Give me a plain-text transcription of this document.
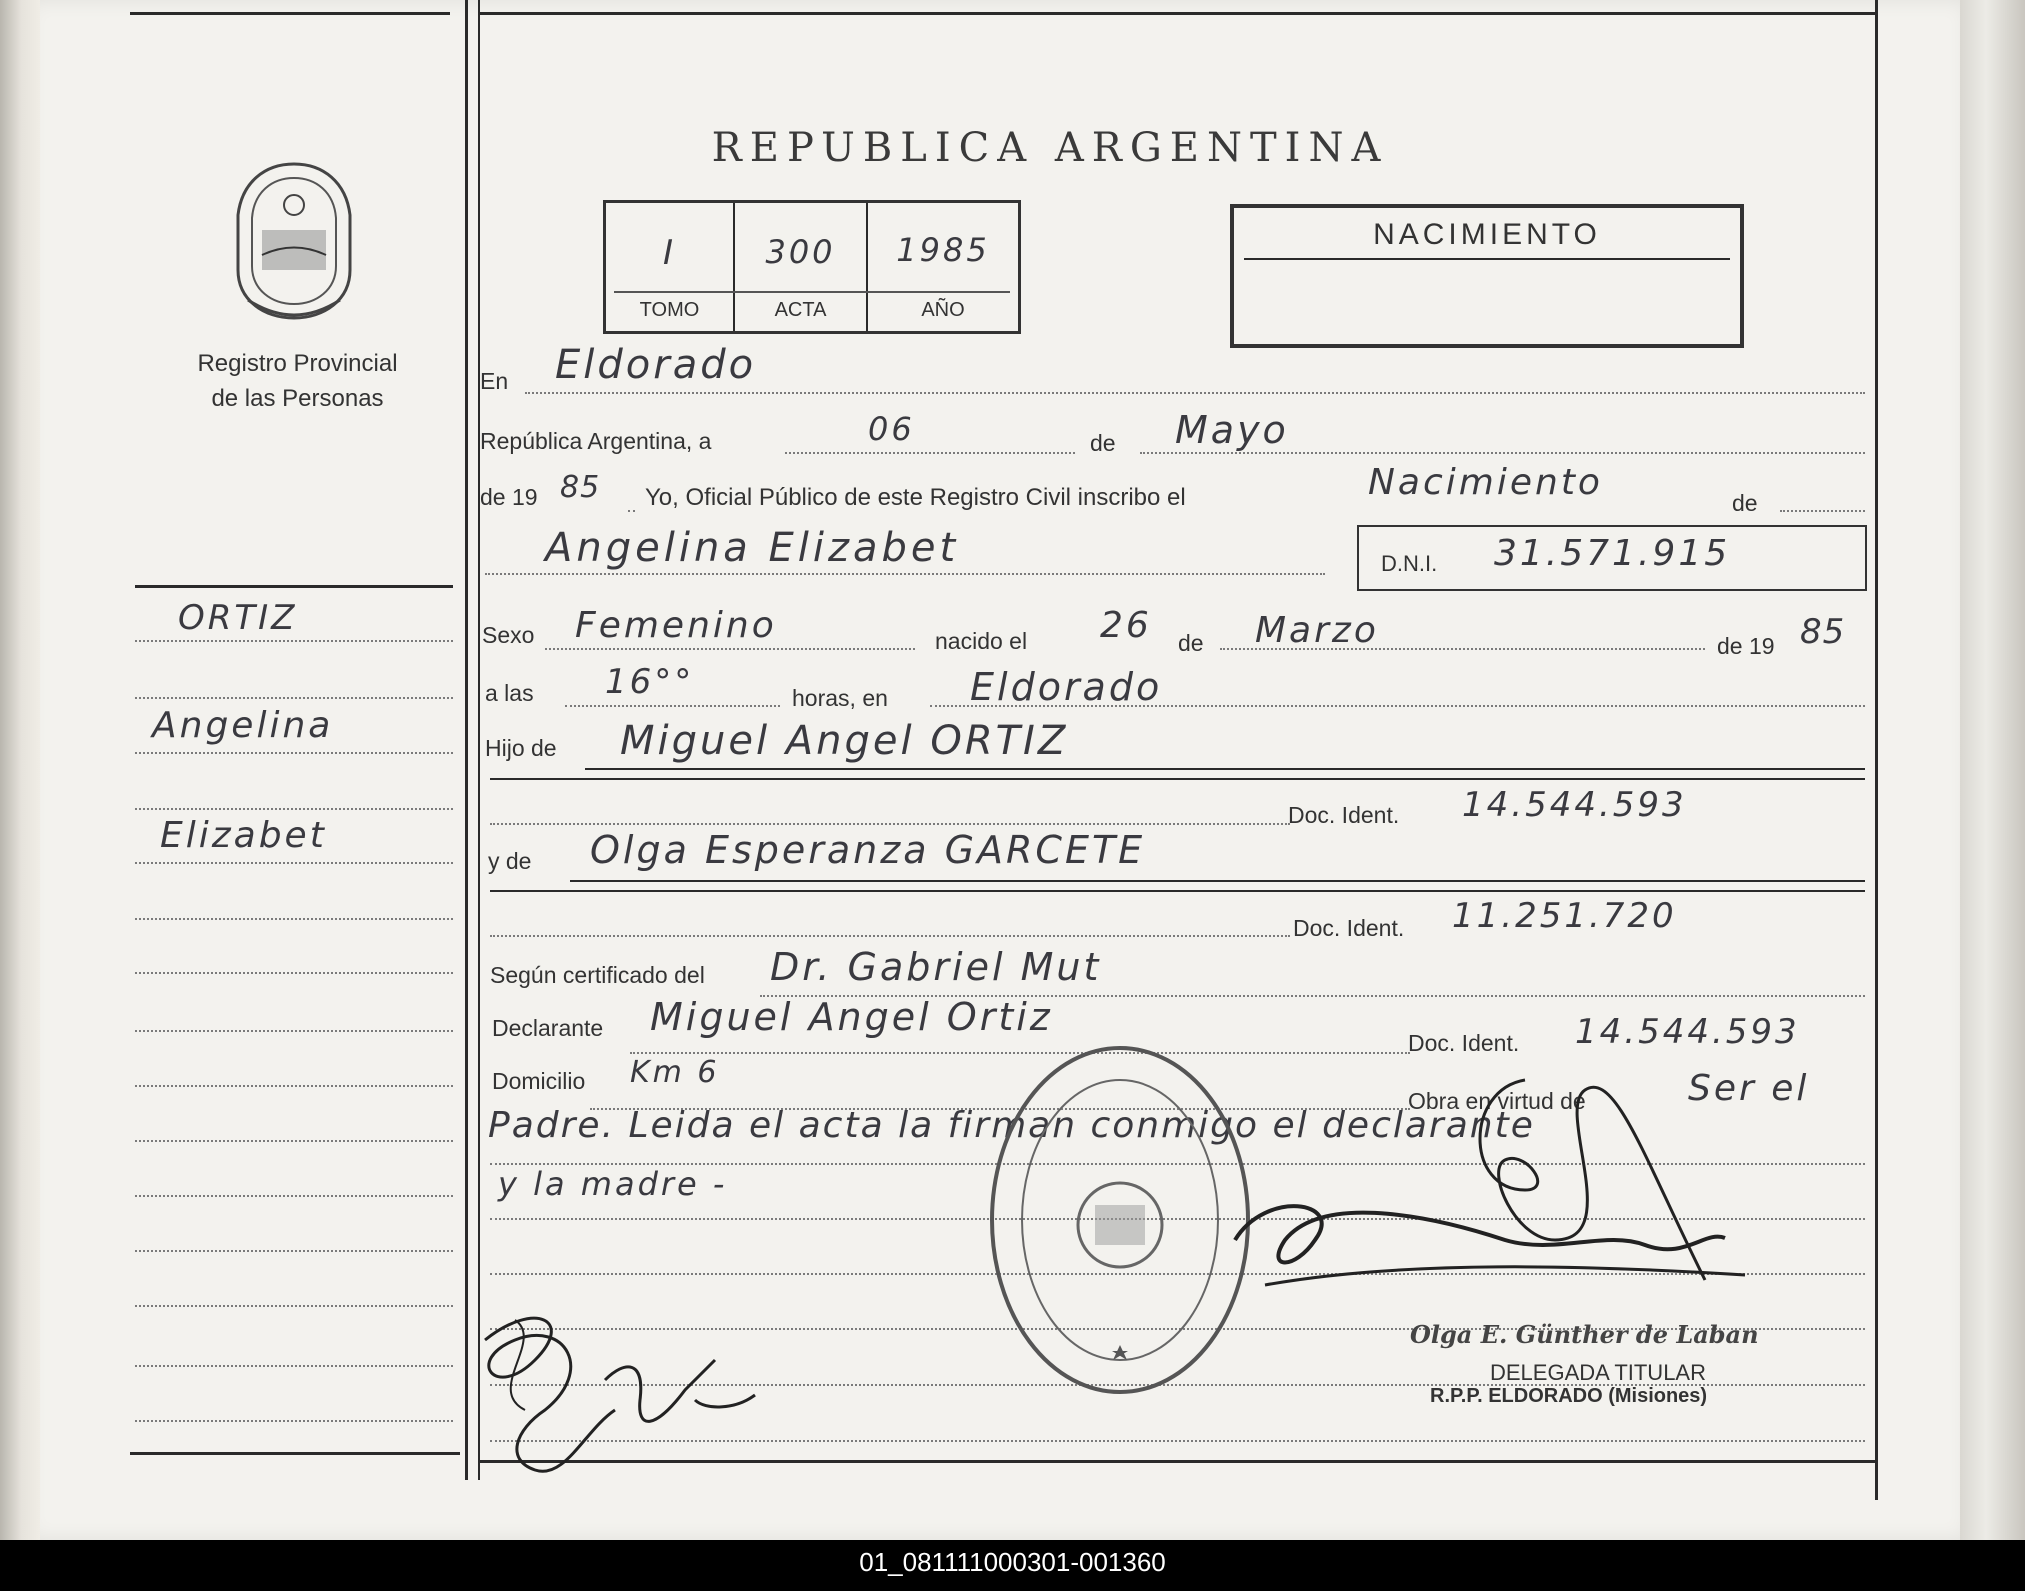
Registro Provincial
de las Personas
ORTIZ
Angelina
Elizabet
REPUBLICA ARGENTINA
I	300	1985
TOMO	ACTA	AÑO
NACIMIENTO
En Eldorado
República Argentina, a	06	de Mayo
de 19 85 Yo, Oficial Público de este Registro Civil inscribo el	Nacimiento	de
Angelina Elizabet	D.N.I. 31.571.915
Sexo Femenino	nacido el 26 de Marzo	de 19 85
a las 16°°	horas, en Eldorado
Hijo de Miguel Angel ORTIZ
Doc. Ident. 14.544.593
y de Olga Esperanza GARCETE
Doc. Ident. 11.251.720
Según certificado del Dr. Gabriel Mut
Declarante Miguel Angel Ortiz
Doc. Ident. 14.544.593
Domicilio Km 6
Obra en virtud de	Ser el
Padre. Leida el acta la firman conmigo el declarante
y la madre -
Olga E. Günther de Laban
DELEGADA TITULAR
R.P.P. ELDORADO (Misiones)
01_081111000301-001360
